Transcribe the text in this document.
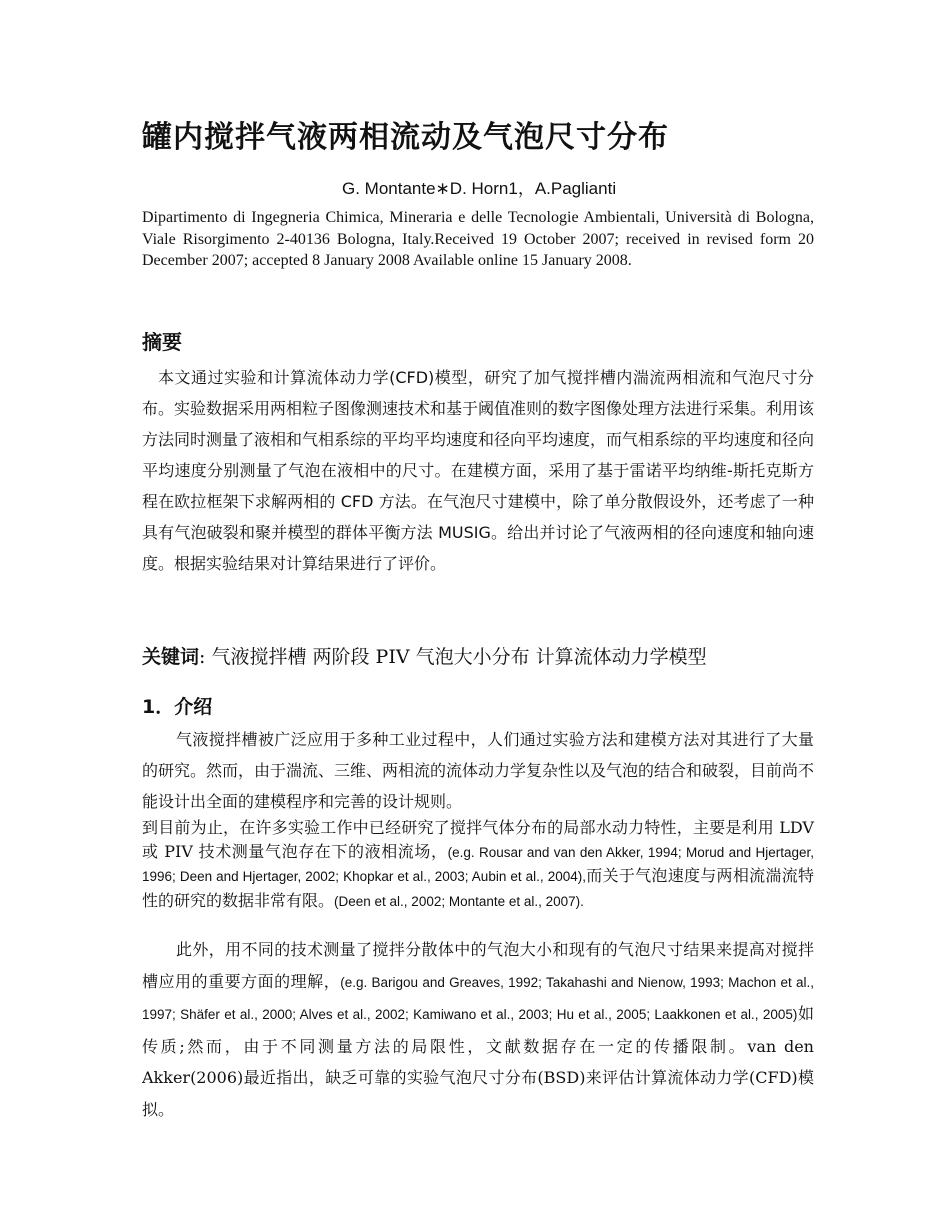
罐内搅拌气液两相流动及气泡尺寸分布
G. Montante∗D. Horn1，A.Paglianti

Dipartimento di Ingegneria Chimica, Mineraria e delle Tecnologie Ambientali, Università di Bologna, Viale Risorgimento 2-40136 Bologna, Italy.Received 19 October 2007; received in revised form 20 December 2007; accepted 8 January 2008 Available online 15 January 2008.

摘要

本文通过实验和计算流体动力学(CFD)模型，研究了加气搅拌槽内湍流两相流和气泡尺寸分布。实验数据采用两相粒子图像测速技术和基于阈值准则的数字图像处理方法进行采集。利用该方法同时测量了液相和气相系综的平均平均速度和径向平均速度，而气相系综的平均速度和径向平均速度分别测量了气泡在液相中的尺寸。在建模方面，采用了基于雷诺平均纳维-斯托克斯方程在欧拉框架下求解两相的 CFD 方法。在气泡尺寸建模中，除了单分散假设外，还考虑了一种具有气泡破裂和聚并模型的群体平衡方法 MUSIG。给出并讨论了气液两相的径向速度和轴向速度。根据实验结果对计算结果进行了评价。

关键词: 气液搅拌槽 两阶段 PIV 气泡大小分布 计算流体动力学模型

1．介绍

气液搅拌槽被广泛应用于多种工业过程中，人们通过实验方法和建模方法对其进行了大量的研究。然而，由于湍流、三维、两相流的流体动力学复杂性以及气泡的结合和破裂，目前尚不能设计出全面的建模程序和完善的设计规则。

到目前为止，在许多实验工作中已经研究了搅拌气体分布的局部水动力特性，主要是利用 LDV 或 PIV 技术测量气泡存在下的液相流场，(e.g. Rousar and van den Akker, 1994; Morud and Hjertager, 1996; Deen and Hjertager, 2002; Khopkar et al., 2003; Aubin et al., 2004),而关于气泡速度与两相流湍流特性的研究的数据非常有限。(Deen et al., 2002; Montante et al., 2007).

此外，用不同的技术测量了搅拌分散体中的气泡大小和现有的气泡尺寸结果来提高对搅拌槽应用的重要方面的理解，(e.g. Barigou and Greaves, 1992; Takahashi and Nienow, 1993; Machon et al., 1997; Shäfer et al., 2000; Alves et al., 2002; Kamiwano et al., 2003; Hu et al., 2005; Laakkonen et al., 2005)如传质;然而，由于不同测量方法的局限性，文献数据存在一定的传播限制。van den Akker(2006)最近指出，缺乏可靠的实验气泡尺寸分布(BSD)来评估计算流体动力学(CFD)模拟。
